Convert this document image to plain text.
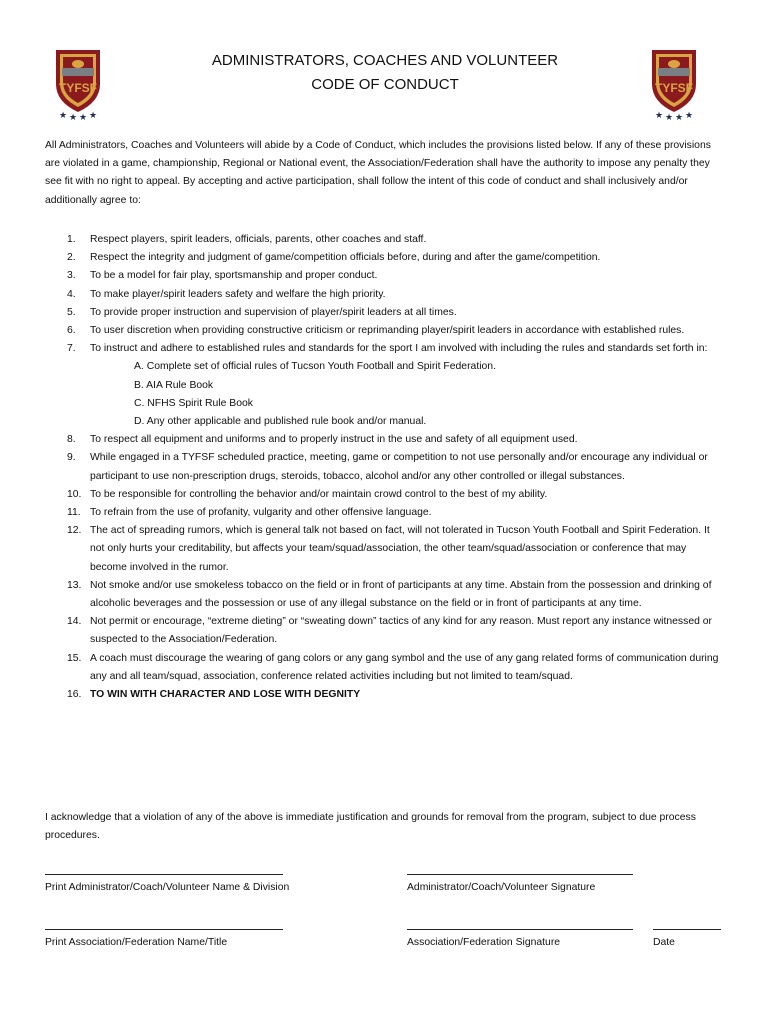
TYFSF
★ ★ ★ ★
TYFSF
★ ★ ★ ★
ADMINISTRATORS, COACHES AND VOLUNTEER
CODE OF CONDUCT

All Administrators, Coaches and Volunteers will abide by a Code of Conduct, which includes the provisions listed below. If any of these provisions are violated in a game, championship, Regional or National event, the Association/Federation shall have the authority to impose any penalty they see fit with no right to appeal. By accepting and active participation, shall follow the intent of this code of conduct and shall inclusively and/or additionally agree to:

1. Respect players, spirit leaders, officials, parents, other coaches and staff.
2. Respect the integrity and judgment of game/competition officials before, during and after the game/competition.
3. To be a model for fair play, sportsmanship and proper conduct.
4. To make player/spirit leaders safety and welfare the high priority.
5. To provide proper instruction and supervision of player/spirit leaders at all times.
6. To user discretion when providing constructive criticism or reprimanding player/spirit leaders in accordance with established rules.
7. To instruct and adhere to established rules and standards for the sport I am involved with including the rules and standards set forth in:
A. Complete set of official rules of Tucson Youth Football and Spirit Federation.
B. AIA Rule Book
C. NFHS Spirit Rule Book
D. Any other applicable and published rule book and/or manual.
8. To respect all equipment and uniforms and to properly instruct in the use and safety of all equipment used.
9. While engaged in a TYFSF scheduled practice, meeting, game or competition to not use personally and/or encourage any individual or participant to use non-prescription drugs, steroids, tobacco, alcohol and/or any other controlled or illegal substances.
10. To be responsible for controlling the behavior and/or maintain crowd control to the best of my ability.
11. To refrain from the use of profanity, vulgarity and other offensive language.
12. The act of spreading rumors, which is general talk not based on fact, will not tolerated in Tucson Youth Football and Spirit Federation. It not only hurts your creditability, but affects your team/squad/association, the other team/squad/association or conference that may become involved in the rumor.
13. Not smoke and/or use smokeless tobacco on the field or in front of participants at any time. Abstain from the possession and drinking of alcoholic beverages and the possession or use of any illegal substance on the field or in front of participants at any time.
14. Not permit or encourage, “extreme dieting” or “sweating down” tactics of any kind for any reason. Must report any instance witnessed or suspected to the Association/Federation.
15. A coach must discourage the wearing of gang colors or any gang symbol and the use of any gang related forms of communication during any and all team/squad, association, conference related activities including but not limited to team/squad.
16. TO WIN WITH CHARACTER AND LOSE WITH DEGNITY

I acknowledge that a violation of any of the above is immediate justification and grounds for removal from the program, subject to due process procedures.

Print Administrator/Coach/Volunteer Name & Division	Administrator/Coach/Volunteer Signature
Print Association/Federation Name/Title	Association/Federation Signature	Date
